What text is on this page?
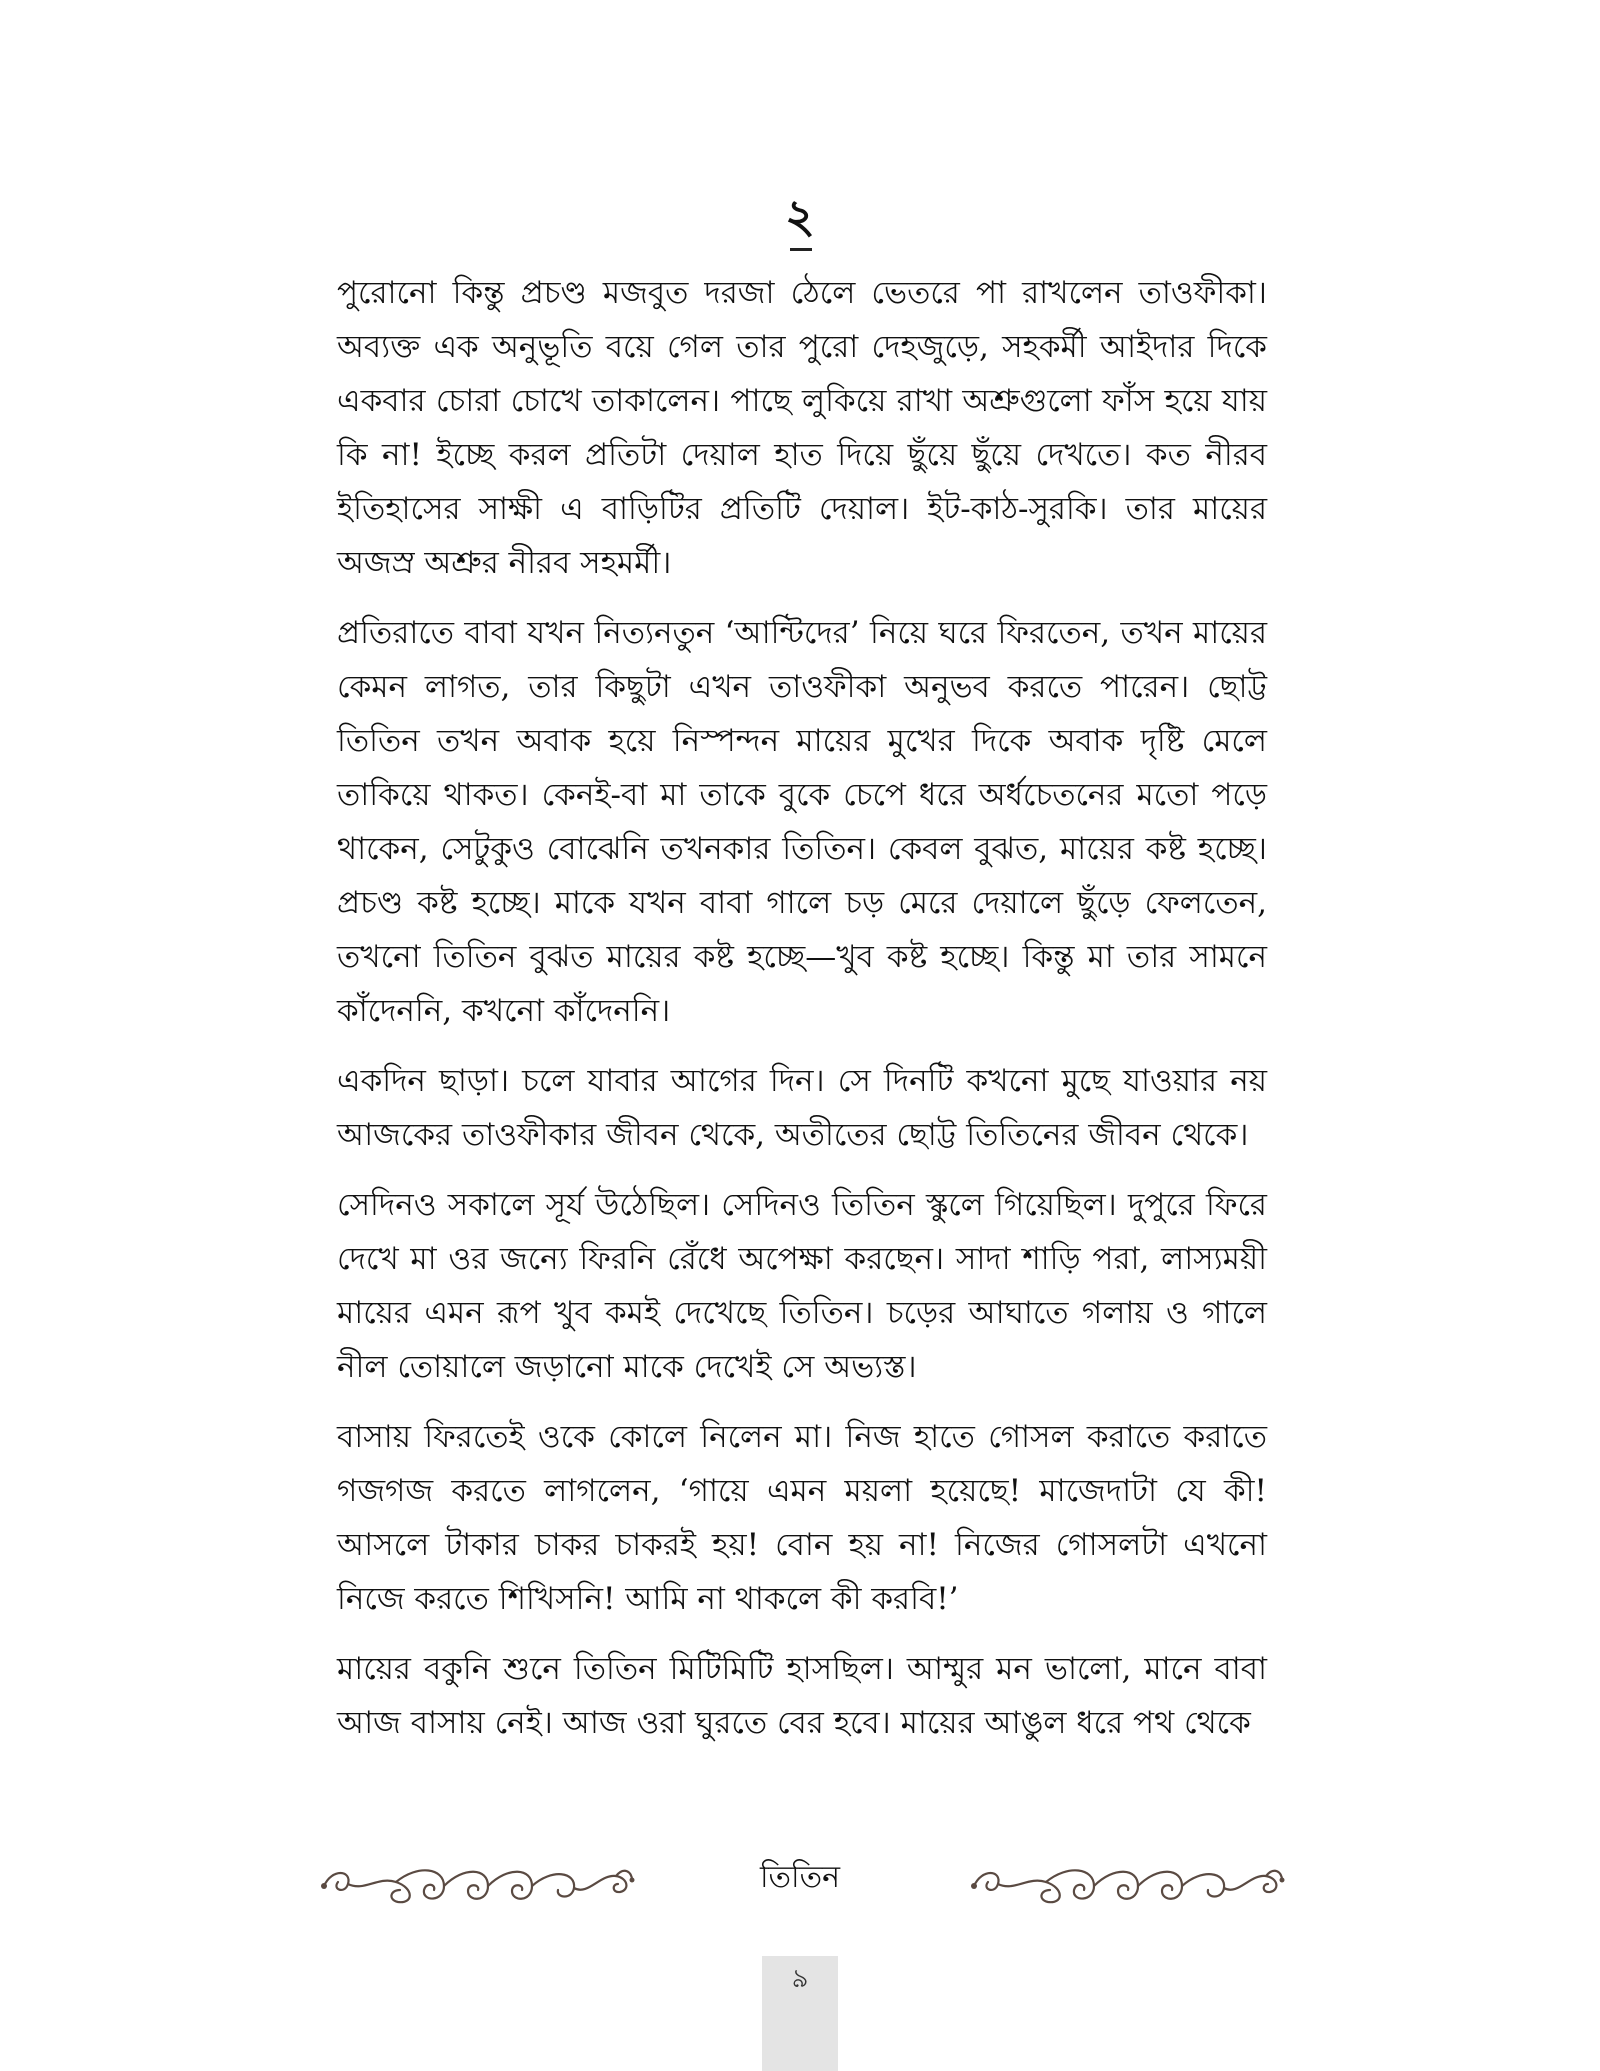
২

পুরোনো কিন্তু প্রচণ্ড মজবুত দরজা ঠেলে ভেতরে পা রাখলেন তাওফীকা। অব্যক্ত এক অনুভূতি বয়ে গেল তার পুরো দেহজুড়ে, সহকর্মী আইদার দিকে একবার চোরা চোখে তাকালেন। পাছে লুকিয়ে রাখা অশ্রুগুলো ফাঁস হয়ে যায় কি না! ইচ্ছে করল প্রতিটা দেয়াল হাত দিয়ে ছুঁয়ে ছুঁয়ে দেখতে। কত নীরব ইতিহাসের সাক্ষী এ বাড়িটির প্রতিটি দেয়াল। ইট-কাঠ-সুরকি। তার মায়ের অজস্র অশ্রুর নীরব সহমর্মী।

প্রতিরাতে বাবা যখন নিত্যনতুন ‘আন্টিদের’ নিয়ে ঘরে ফিরতেন, তখন মায়ের কেমন লাগত, তার কিছুটা এখন তাওফীকা অনুভব করতে পারেন। ছোট্ট তিতিন তখন অবাক হয়ে নিস্পন্দন মায়ের মুখের দিকে অবাক দৃষ্টি মেলে তাকিয়ে থাকত। কেনই-বা মা তাকে বুকে চেপে ধরে অর্ধচেতনের মতো পড়ে থাকেন, সেটুকুও বোঝেনি তখনকার তিতিন। কেবল বুঝত, মায়ের কষ্ট হচ্ছে। প্রচণ্ড কষ্ট হচ্ছে। মাকে যখন বাবা গালে চড় মেরে দেয়ালে ছুঁড়ে ফেলতেন, তখনো তিতিন বুঝত মায়ের কষ্ট হচ্ছে—খুব কষ্ট হচ্ছে। কিন্তু মা তার সামনে কাঁদেননি, কখনো কাঁদেননি।

একদিন ছাড়া। চলে যাবার আগের দিন। সে দিনটি কখনো মুছে যাওয়ার নয় আজকের তাওফীকার জীবন থেকে, অতীতের ছোট্ট তিতিনের জীবন থেকে।

সেদিনও সকালে সূর্য উঠেছিল। সেদিনও তিতিন স্কুলে গিয়েছিল। দুপুরে ফিরে দেখে মা ওর জন্যে ফিরনি রেঁধে অপেক্ষা করছেন। সাদা শাড়ি পরা, লাস্যময়ী মায়ের এমন রূপ খুব কমই দেখেছে তিতিন। চড়ের আঘাতে গলায় ও গালে নীল তোয়ালে জড়ানো মাকে দেখেই সে অভ্যস্ত।

বাসায় ফিরতেই ওকে কোলে নিলেন মা। নিজ হাতে গোসল করাতে করাতে গজগজ করতে লাগলেন, ‘গায়ে এমন ময়লা হয়েছে! মাজেদাটা যে কী! আসলে টাকার চাকর চাকরই হয়! বোন হয় না! নিজের গোসলটা এখনো নিজে করতে শিখিসনি! আমি না থাকলে কী করবি!’

মায়ের বকুনি শুনে তিতিন মিটিমিটি হাসছিল। আম্মুর মন ভালো, মানে বাবা আজ বাসায় নেই। আজ ওরা ঘুরতে বের হবে। মায়ের আঙুল ধরে পথ থেকে

তিতিন
৯
